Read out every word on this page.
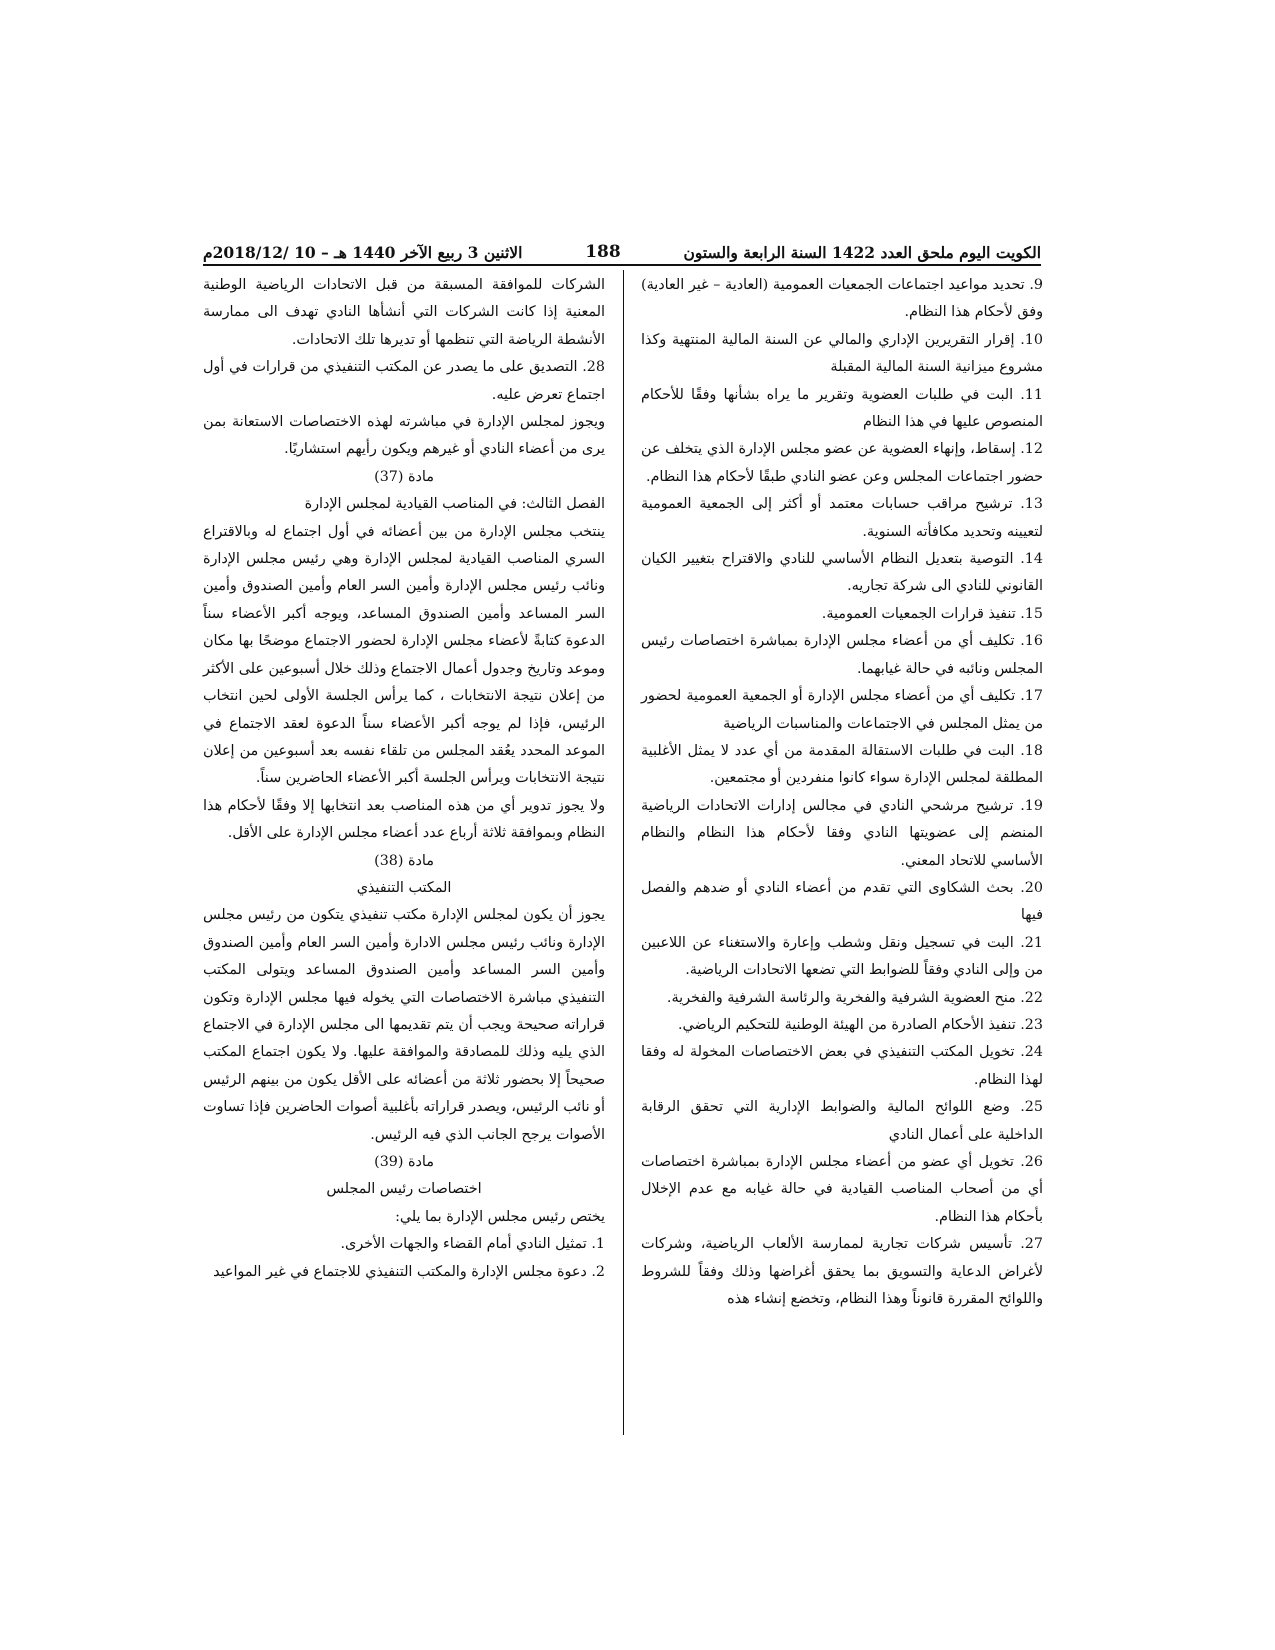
الكويت اليوم ملحق العدد 1422 السنة الرابعة والستون
188
الاثنين 3 ربيع الآخر 1440 هـ – 10 /2018/12م

9. تحديد مواعيد اجتماعات الجمعيات العمومية (العادية – غير العادية) وفق لأحكام هذا النظام.

10. إقرار التقريرين الإداري والمالي عن السنة المالية المنتهية وكذا مشروع ميزانية السنة المالية المقبلة

11. البت في طلبات العضوية وتقرير ما يراه بشأنها وفقًا للأحكام المنصوص عليها في هذا النظام

12. إسقاط، وإنهاء العضوية عن عضو مجلس الإدارة الذي يتخلف عن حضور اجتماعات المجلس وعن عضو النادي طبقًا لأحكام هذا النظام.

13. ترشيح مراقب حسابات معتمد أو أكثر إلى الجمعية العمومية لتعيينه وتحديد مكافأته السنوية.

14. التوصية بتعديل النظام الأساسي للنادي والاقتراح بتغيير الكيان القانوني للنادي الى شركة تجاريه.

15. تنفيذ قرارات الجمعيات العمومية.

16. تكليف أي من أعضاء مجلس الإدارة بمباشرة اختصاصات رئيس المجلس ونائبه في حالة غيابهما.

17. تكليف أي من أعضاء مجلس الإدارة أو الجمعية العمومية لحضور من يمثل المجلس في الاجتماعات والمناسبات الرياضية

18. البت في طلبات الاستقالة المقدمة من أي عدد لا يمثل الأغلبية المطلقة لمجلس الإدارة سواء كانوا منفردين أو مجتمعين.

19. ترشيح مرشحي النادي في مجالس إدارات الاتحادات الرياضية المنضم إلى عضويتها النادي وفقا لأحكام هذا النظام والنظام الأساسي للاتحاد المعني.

20. بحث الشكاوى التي تقدم من أعضاء النادي أو ضدهم والفصل فيها

21. البت في تسجيل ونقل وشطب وإعارة والاستغناء عن اللاعبين من وإلى النادي وفقاً للضوابط التي تضعها الاتحادات الرياضية.

22. منح العضوية الشرفية والفخرية والرئاسة الشرفية والفخرية.

23. تنفيذ الأحكام الصادرة من الهيئة الوطنية للتحكيم الرياضي.

24. تخويل المكتب التنفيذي في بعض الاختصاصات المخولة له وفقا لهذا النظام.

25. وضع اللوائح المالية والضوابط الإدارية التي تحقق الرقابة الداخلية على أعمال النادي

26. تخويل أي عضو من أعضاء مجلس الإدارة بمباشرة اختصاصات أي من أصحاب المناصب القيادية في حالة غيابه مع عدم الإخلال بأحكام هذا النظام.

27. تأسيس شركات تجارية لممارسة الألعاب الرياضية، وشركات لأغراض الدعاية والتسويق بما يحقق أغراضها وذلك وفقاً للشروط واللوائح المقررة قانوناً وهذا النظام، وتخضع إنشاء هذه

الشركات للموافقة المسبقة من قبل الاتحادات الرياضية الوطنية المعنية إذا كانت الشركات التي أنشأها النادي تهدف الى ممارسة الأنشطة الرياضة التي تنظمها أو تديرها تلك الاتحادات.

28. التصديق على ما يصدر عن المكتب التنفيذي من قرارات في أول اجتماع تعرض عليه.

ويجوز لمجلس الإدارة في مباشرته لهذه الاختصاصات الاستعانة بمن يرى من أعضاء النادي أو غيرهم ويكون رأيهم استشاريًا.

مادة (37)

الفصل الثالث: في المناصب القيادية لمجلس الإدارة

ينتخب مجلس الإدارة من بين أعضائه في أول اجتماع له وبالاقتراع السري المناصب القيادية لمجلس الإدارة وهي رئيس مجلس الإدارة ونائب رئيس مجلس الإدارة وأمين السر العام وأمين الصندوق وأمين السر المساعد وأمين الصندوق المساعد، ويوجه أكبر الأعضاء سناً الدعوة كتابةً لأعضاء مجلس الإدارة لحضور الاجتماع موضحًا بها مكان وموعد وتاريخ وجدول أعمال الاجتماع وذلك خلال أسبوعين على الأكثر من إعلان نتيجة الانتخابات ، كما يرأس الجلسة الأولى لحين انتخاب الرئيس، فإذا لم يوجه أكبر الأعضاء سناً الدعوة لعقد الاجتماع في الموعد المحدد يعُقد المجلس من تلقاء نفسه بعد أسبوعين من إعلان نتيجة الانتخابات ويرأس الجلسة أكبر الأعضاء الحاضرين سناً.

ولا يجوز تدوير أي من هذه المناصب بعد انتخابها إلا وفقًا لأحكام هذا النظام وبموافقة ثلاثة أرباع عدد أعضاء مجلس الإدارة على الأقل.

مادة (38)

المكتب التنفيذي

يجوز أن يكون لمجلس الإدارة مكتب تنفيذي يتكون من رئيس مجلس الإدارة ونائب رئيس مجلس الادارة وأمين السر العام وأمين الصندوق وأمين السر المساعد وأمين الصندوق المساعد ويتولى المكتب التنفيذي مباشرة الاختصاصات التي يخوله فيها مجلس الإدارة وتكون قراراته صحيحة ويجب أن يتم تقديمها الى مجلس الإدارة في الاجتماع الذي يليه وذلك للمصادقة والموافقة عليها. ولا يكون اجتماع المكتب صحيحاً إلا بحضور ثلاثة من أعضائه على الأقل يكون من بينهم الرئيس أو نائب الرئيس، ويصدر قراراته بأغلبية أصوات الحاضرين فإذا تساوت الأصوات يرجح الجانب الذي فيه الرئيس.

مادة (39)

اختصاصات رئيس المجلس

يختص رئيس مجلس الإدارة بما يلي:

1. تمثيل النادي أمام القضاء والجهات الأخرى.

2. دعوة مجلس الإدارة والمكتب التنفيذي للاجتماع في غير المواعيد
